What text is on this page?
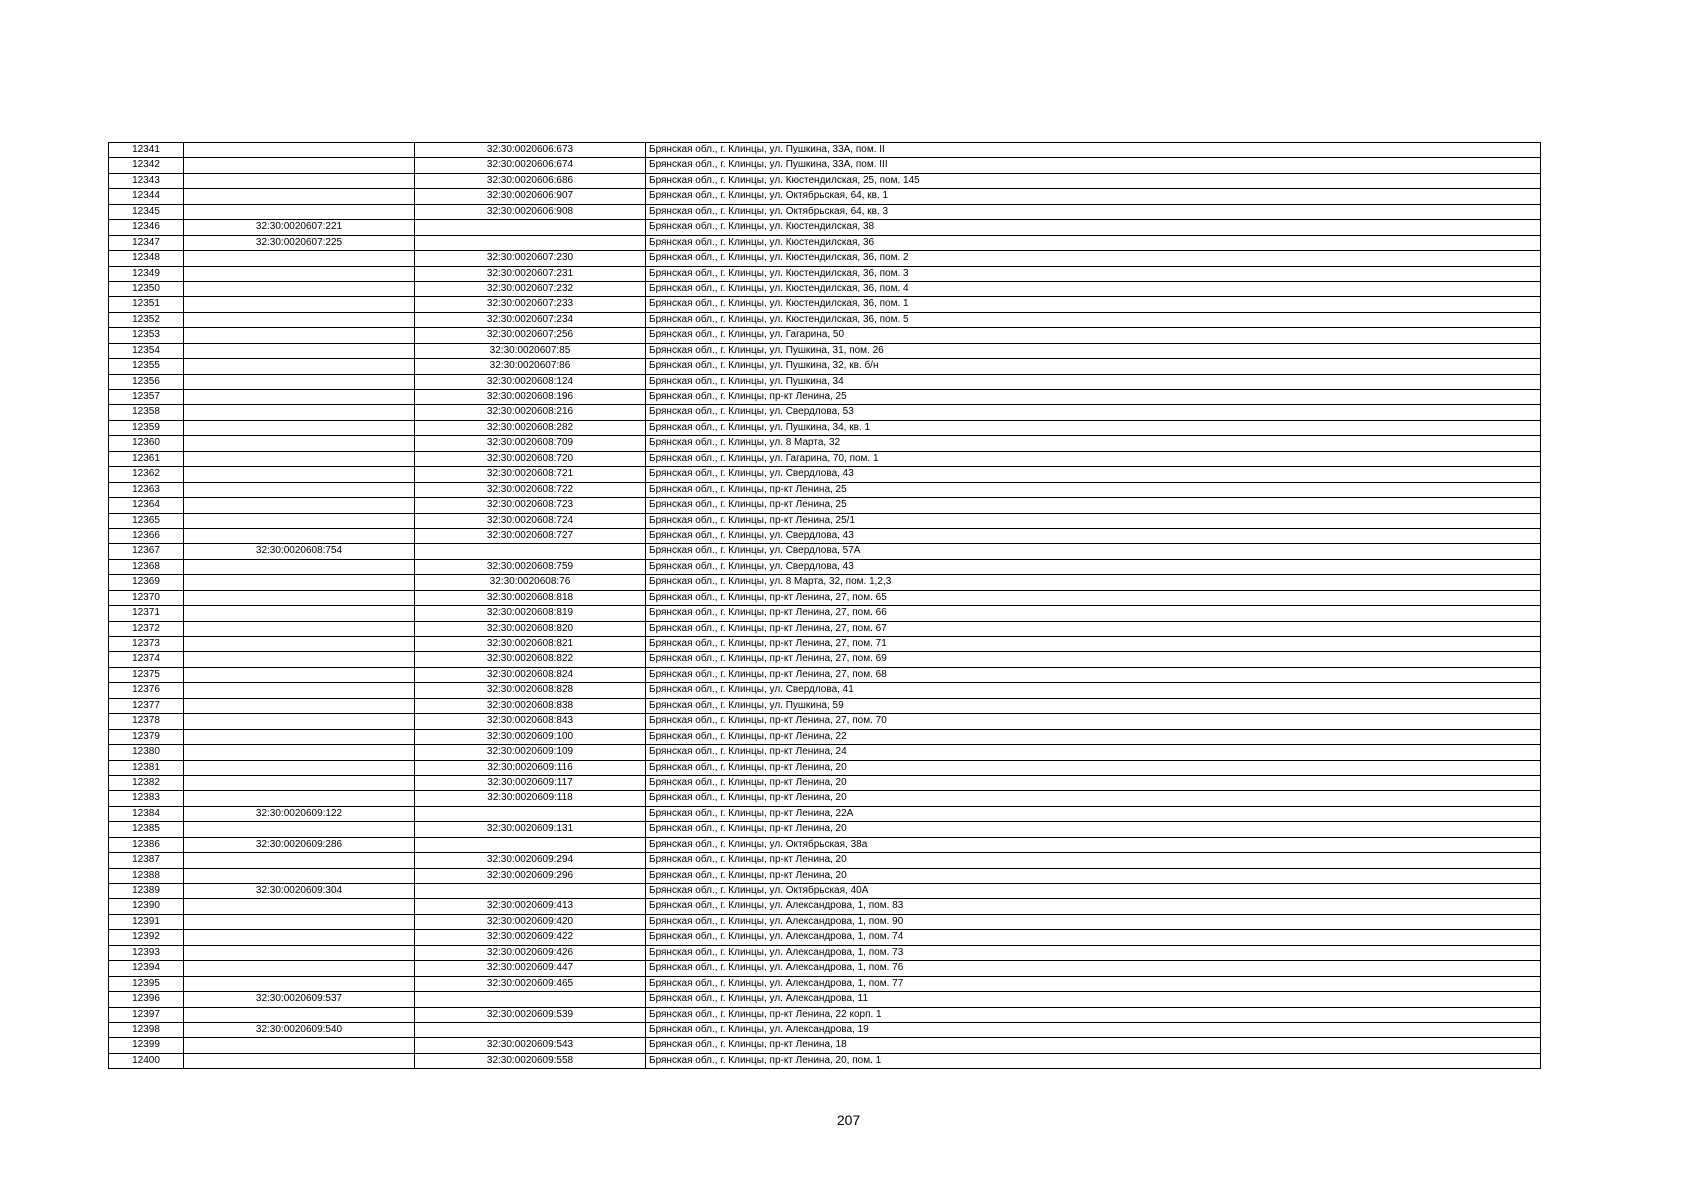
12341		32:30:0020606:673	Брянская обл., г. Клинцы, ул. Пушкина, 33А, пом. II
12342		32:30:0020606:674	Брянская обл., г. Клинцы, ул. Пушкина, 33А, пом. III
12343		32:30:0020606:686	Брянская обл., г. Клинцы, ул. Кюстендилская, 25, пом. 145
12344		32:30:0020606:907	Брянская обл., г. Клинцы, ул. Октябрьская, 64, кв. 1
12345		32:30:0020606:908	Брянская обл., г. Клинцы, ул. Октябрьская, 64, кв. 3
12346	32:30:0020607:221		Брянская обл., г. Клинцы, ул. Кюстендилская, 38
12347	32:30:0020607:225		Брянская обл., г. Клинцы, ул. Кюстендилская, 36
12348		32:30:0020607:230	Брянская обл., г. Клинцы, ул. Кюстендилская, 36, пом. 2
12349		32:30:0020607:231	Брянская обл., г. Клинцы, ул. Кюстендилская, 36, пом. 3
12350		32:30:0020607:232	Брянская обл., г. Клинцы, ул. Кюстендилская, 36, пом. 4
12351		32:30:0020607:233	Брянская обл., г. Клинцы, ул. Кюстендилская, 36, пом. 1
12352		32:30:0020607:234	Брянская обл., г. Клинцы, ул. Кюстендилская, 36, пом. 5
12353		32:30:0020607:256	Брянская обл., г. Клинцы, ул. Гагарина, 50
12354		32:30:0020607:85	Брянская обл., г. Клинцы, ул. Пушкина, 31, пом. 26
12355		32:30:0020607:86	Брянская обл., г. Клинцы, ул. Пушкина, 32, кв. б/н
12356		32:30:0020608:124	Брянская обл., г. Клинцы, ул. Пушкина, 34
12357		32:30:0020608:196	Брянская обл., г. Клинцы, пр-кт Ленина, 25
12358		32:30:0020608:216	Брянская обл., г. Клинцы, ул. Свердлова, 53
12359		32:30:0020608:282	Брянская обл., г. Клинцы, ул. Пушкина, 34, кв. 1
12360		32:30:0020608:709	Брянская обл., г. Клинцы, ул. 8 Марта, 32
12361		32:30:0020608:720	Брянская обл., г. Клинцы, ул. Гагарина, 70, пом. 1
12362		32:30:0020608:721	Брянская обл., г. Клинцы, ул. Свердлова, 43
12363		32:30:0020608:722	Брянская обл., г. Клинцы, пр-кт Ленина, 25
12364		32:30:0020608:723	Брянская обл., г. Клинцы, пр-кт Ленина, 25
12365		32:30:0020608:724	Брянская обл., г. Клинцы, пр-кт Ленина, 25/1
12366		32:30:0020608:727	Брянская обл., г. Клинцы, ул. Свердлова, 43
12367	32:30:0020608:754		Брянская обл., г. Клинцы, ул. Свердлова, 57А
12368		32:30:0020608:759	Брянская обл., г. Клинцы, ул. Свердлова, 43
12369		32:30:0020608:76	Брянская обл., г. Клинцы, ул. 8 Марта, 32, пом. 1,2,3
12370		32:30:0020608:818	Брянская обл., г. Клинцы, пр-кт Ленина, 27, пом. 65
12371		32:30:0020608:819	Брянская обл., г. Клинцы, пр-кт Ленина, 27, пом. 66
12372		32:30:0020608:820	Брянская обл., г. Клинцы, пр-кт Ленина, 27, пом. 67
12373		32:30:0020608:821	Брянская обл., г. Клинцы, пр-кт Ленина, 27, пом. 71
12374		32:30:0020608:822	Брянская обл., г. Клинцы, пр-кт Ленина, 27, пом. 69
12375		32:30:0020608:824	Брянская обл., г. Клинцы, пр-кт Ленина, 27, пом. 68
12376		32:30:0020608:828	Брянская обл., г. Клинцы, ул. Свердлова, 41
12377		32:30:0020608:838	Брянская обл., г. Клинцы, ул. Пушкина, 59
12378		32:30:0020608:843	Брянская обл., г. Клинцы, пр-кт Ленина, 27, пом. 70
12379		32:30:0020609:100	Брянская обл., г. Клинцы, пр-кт Ленина, 22
12380		32:30:0020609:109	Брянская обл., г. Клинцы, пр-кт Ленина, 24
12381		32:30:0020609:116	Брянская обл., г. Клинцы, пр-кт Ленина, 20
12382		32:30:0020609:117	Брянская обл., г. Клинцы, пр-кт Ленина, 20
12383		32:30:0020609:118	Брянская обл., г. Клинцы, пр-кт Ленина, 20
12384	32:30:0020609:122		Брянская обл., г. Клинцы, пр-кт Ленина, 22А
12385		32:30:0020609:131	Брянская обл., г. Клинцы, пр-кт Ленина, 20
12386	32:30:0020609:286		Брянская обл., г. Клинцы, ул. Октябрьская, 38а
12387		32:30:0020609:294	Брянская обл., г. Клинцы, пр-кт Ленина, 20
12388		32:30:0020609:296	Брянская обл., г. Клинцы, пр-кт Ленина, 20
12389	32:30:0020609:304		Брянская обл., г. Клинцы, ул. Октябрьская, 40А
12390		32:30:0020609:413	Брянская обл., г. Клинцы, ул. Александрова, 1, пом. 83
12391		32:30:0020609:420	Брянская обл., г. Клинцы, ул. Александрова, 1, пом. 90
12392		32:30:0020609:422	Брянская обл., г. Клинцы, ул. Александрова, 1, пом. 74
12393		32:30:0020609:426	Брянская обл., г. Клинцы, ул. Александрова, 1, пом. 73
12394		32:30:0020609:447	Брянская обл., г. Клинцы, ул. Александрова, 1, пом. 76
12395		32:30:0020609:465	Брянская обл., г. Клинцы, ул. Александрова, 1, пом. 77
12396	32:30:0020609:537		Брянская обл., г. Клинцы, ул. Александрова, 11
12397		32:30:0020609:539	Брянская обл., г. Клинцы, пр-кт Ленина, 22 корп. 1
12398	32:30:0020609:540		Брянская обл., г. Клинцы, ул. Александрова, 19
12399		32:30:0020609:543	Брянская обл., г. Клинцы, пр-кт Ленина, 18
12400		32:30:0020609:558	Брянская обл., г. Клинцы, пр-кт Ленина, 20, пом. 1
207
